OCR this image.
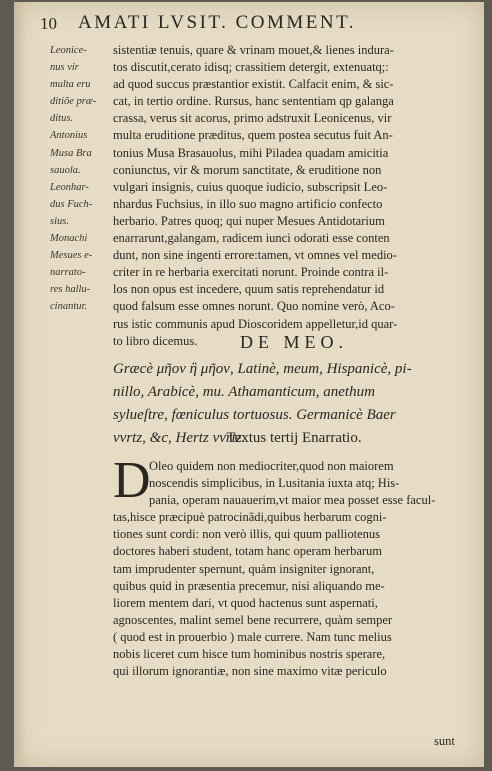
10 AMATI LVSIT. COMMENT.
Leonice-
nus vir
multa eru
ditiõe præ-
ditus.
Antonius
Musa Bra
sauola.
Leonhar-
dus Fuch-
sius.
Monachi
Mesues e-
narrato-
res hallu-
cinantur.
sistentiæ tenuis, quare & vrinam mouet,& lienes indura-
tos discutit,cerato idisq; crassitiem detergit, extenuatq;:
ad quod succus præstantior existit. Calfacit enim, & sic-
cat, in tertio ordine. Rursus, hanc sententiam qp galanga
crassa, verus sit acorus, primo adstruxit Leonicenus, vir
multa eruditione præditus, quem postea secutus fuit An-
tonius Musa Brasauolus, mihi Piladea quadam amicitia
coniunctus, vir & morum sanctitate, & eruditione non
vulgari insignis, cuius quoque iudicio, subscripsit Leo-
nhardus Fuchsius, in illo suo magno artificio confecto
herbario. Patres quoq; qui nuper Mesues Antidotarium
enarrarunt,galangam, radicem iunci odorati esse conten
dunt, non sine ingenti errore:tamen, vt omnes vel medio-
criter in re herbaria exercitati norunt. Proinde contra il-
los non opus est incedere, quum satis reprehendatur id
quod falsum esse omnes norunt. Quo nomine verò, Aco-
rus istic communis apud Dioscoridem appelletur,id quar-
to libro dicemus.	DE MEO.
Græcè μῆον ἢ μῆον, Latinè, meum, Hispanicè, pi-
nillo, Arabicè, mu. Athamanticum, anethum
sylueſtre, fœniculus tortuosus. Germanicè Baer
vvrtz, &c, Hertz vvrtz.
Textus tertij Enarratio.
D
Oleo quidem non mediocriter,quod non maiorem
noscendis simplicibus, in Lusitania iuxta atq; His-
pania, operam nauauerim,vt maior mea posset esse facul-
tas,hisce præcipuè patrocinãdi,quibus herbarum cogni-
tiones sunt cordi: non verò illis, qui quum palliotenus
doctores haberi student, totam hanc operam herbarum
tam imprudenter spernunt, quàm insigniter ignorant,
quibus quid in præsentia precemur, nisi aliquando me-
liorem mentem dari, vt quod hactenus sunt aspernati,
agnoscentes, malint semel bene recurrere, quàm semper
( quod est in prouerbio ) male currere. Nam tunc melius
nobis liceret cum hisce tum hominibus nostris sperare,
qui illorum ignorantiæ, non sine maximo vitæ periculo
sunt
